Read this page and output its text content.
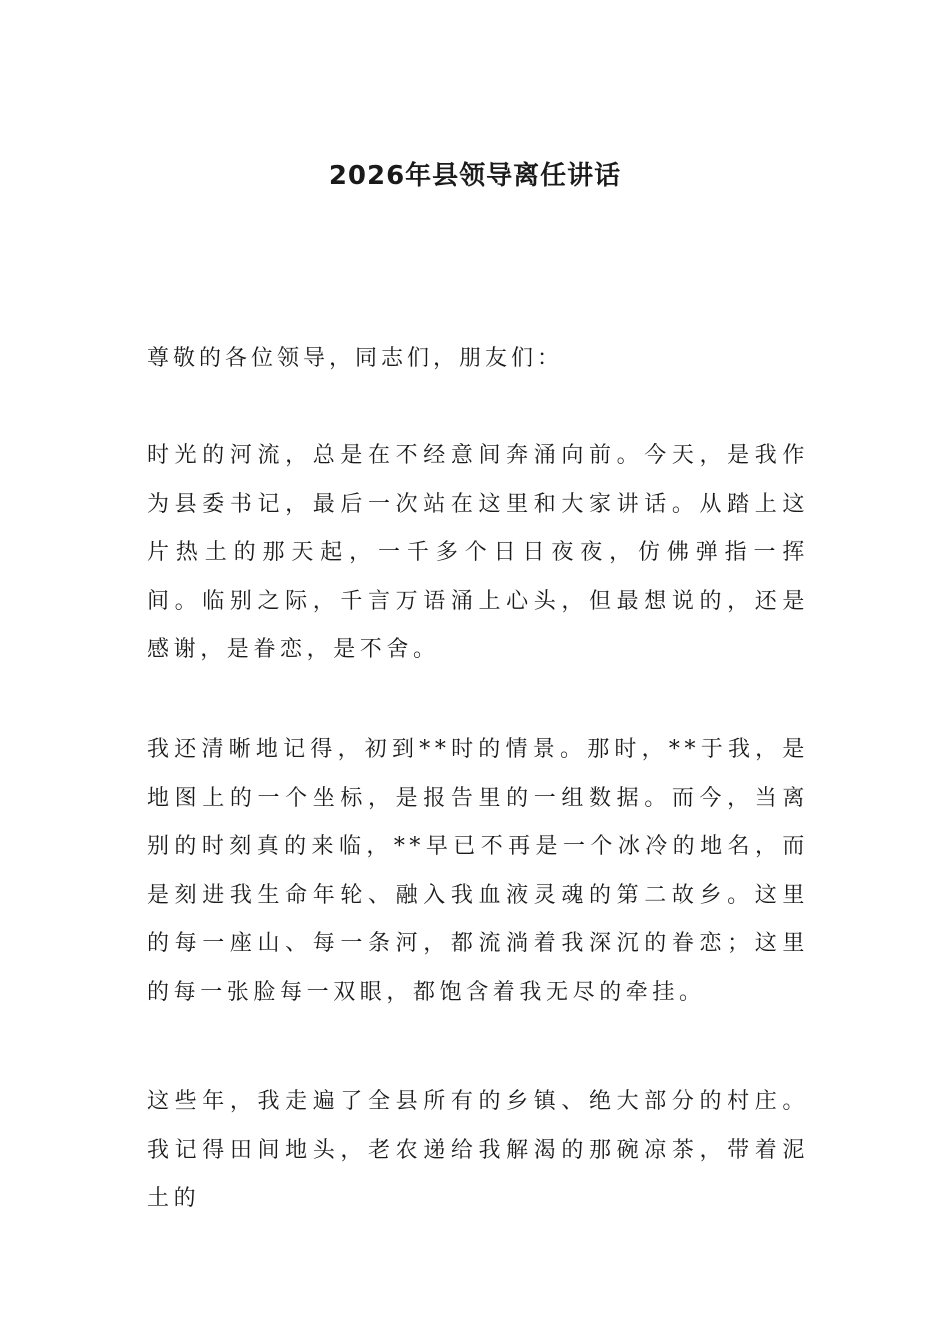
2026年县领导离任讲话

尊敬的各位领导，同志们，朋友们：

时光的河流，总是在不经意间奔涌向前。今天，是我作为县委书记，最后一次站在这里和大家讲话。从踏上这片热土的那天起，一千多个日日夜夜，仿佛弹指一挥间。临别之际，千言万语涌上心头，但最想说的，还是感谢，是眷恋，是不舍。

我还清晰地记得，初到**时的情景。那时，**于我，是地图上的一个坐标，是报告里的一组数据。而今，当离别的时刻真的来临，**早已不再是一个冰冷的地名，而是刻进我生命年轮、融入我血液灵魂的第二故乡。这里的每一座山、每一条河，都流淌着我深沉的眷恋；这里的每一张脸每一双眼，都饱含着我无尽的牵挂。

这些年，我走遍了全县所有的乡镇、绝大部分的村庄。我记得田间地头，老农递给我解渴的那碗凉茶，带着泥土的
